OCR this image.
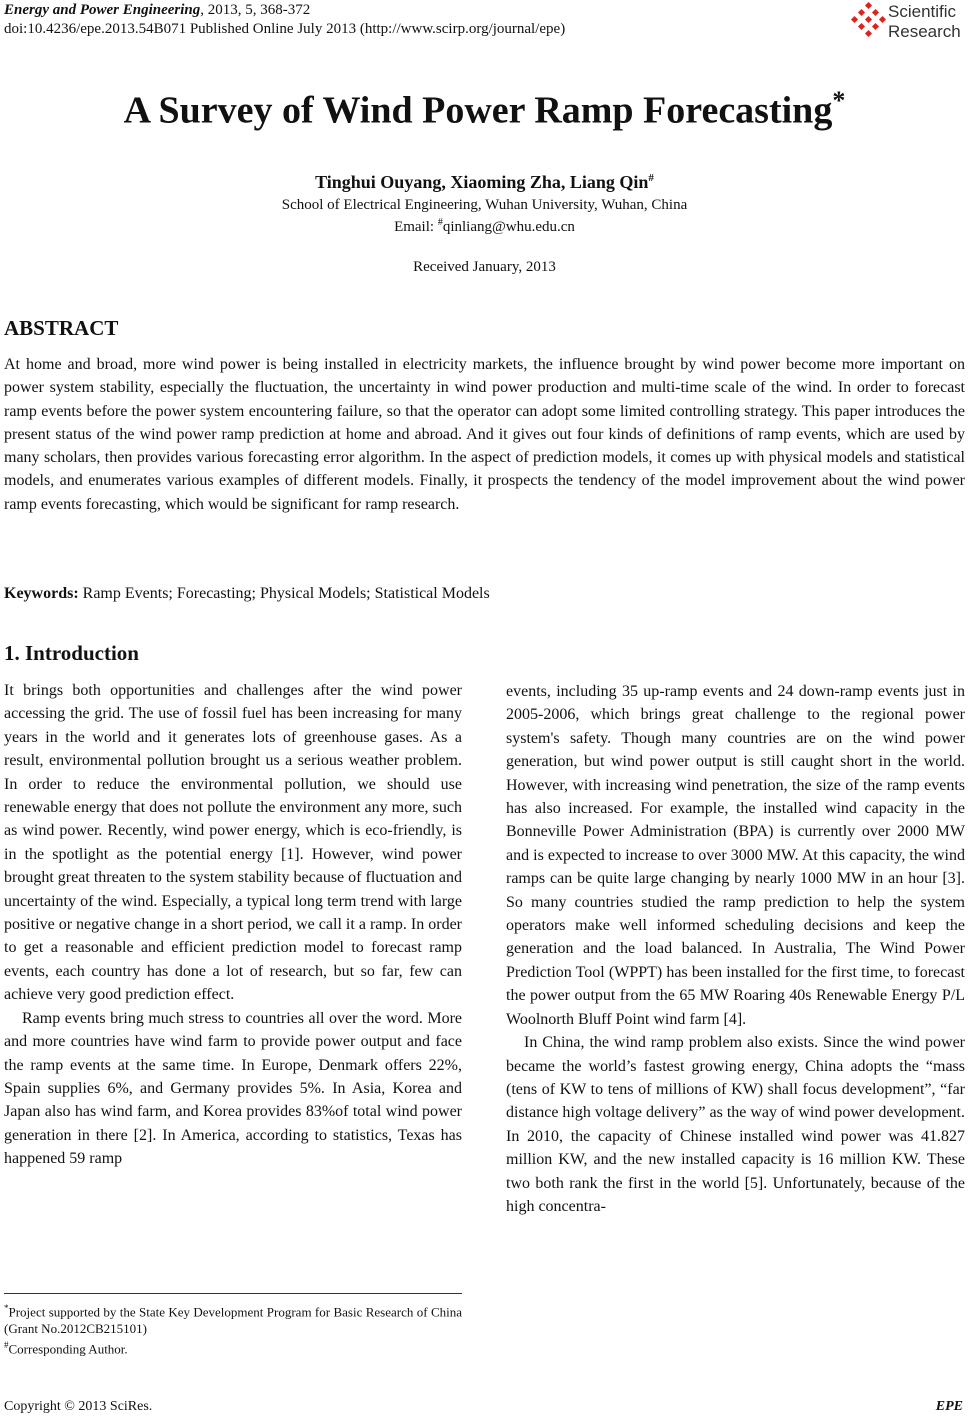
Energy and Power Engineering, 2013, 5, 368-372
doi:10.4236/epe.2013.54B071 Published Online July 2013 (http://www.scirp.org/journal/epe)
Scientific
Research
A Survey of Wind Power Ramp Forecasting*
Tinghui Ouyang, Xiaoming Zha, Liang Qin#
School of Electrical Engineering, Wuhan University, Wuhan, China
Email: #qinliang@whu.edu.cn
Received January, 2013
ABSTRACT
At home and broad, more wind power is being installed in electricity markets, the influence brought by wind power become more important on power system stability, especially the fluctuation, the uncertainty in wind power production and multi-time scale of the wind. In order to forecast ramp events before the power system encountering failure, so that the operator can adopt some limited controlling strategy. This paper introduces the present status of the wind power ramp prediction at home and abroad. And it gives out four kinds of definitions of ramp events, which are used by many scholars, then provides various forecasting error algorithm. In the aspect of prediction models, it comes up with physical models and statistical models, and enumerates various examples of different models. Finally, it prospects the tendency of the model improvement about the wind power ramp events forecasting, which would be significant for ramp research.
Keywords: Ramp Events; Forecasting; Physical Models; Statistical Models
1. Introduction

It brings both opportunities and challenges after the wind power accessing the grid. The use of fossil fuel has been increasing for many years in the world and it generates lots of greenhouse gases. As a result, environmental pollution brought us a serious weather problem. In order to reduce the environmental pollution, we should use renewable energy that does not pollute the environment any more, such as wind power. Recently, wind power energy, which is eco-friendly, is in the spotlight as the potential energy [1]. However, wind power brought great threaten to the system stability because of fluctuation and uncertainty of the wind. Especially, a typical long term trend with large positive or negative change in a short period, we call it a ramp. In order to get a reasonable and efficient prediction model to forecast ramp events, each country has done a lot of research, but so far, few can achieve very good prediction effect.

Ramp events bring much stress to countries all over the word. More and more countries have wind farm to provide power output and face the ramp events at the same time. In Europe, Denmark offers 22%, Spain supplies 6%, and Germany provides 5%. In Asia, Korea and Japan also has wind farm, and Korea provides 83%of total wind power generation in there [2]. In America, according to statistics, Texas has happened 59 ramp

events, including 35 up-ramp events and 24 down-ramp events just in 2005-2006, which brings great challenge to the regional power system's safety. Though many countries are on the wind power generation, but wind power output is still caught short in the world. However, with increasing wind penetration, the size of the ramp events has also increased. For example, the installed wind capacity in the Bonneville Power Administration (BPA) is currently over 2000 MW and is expected to increase to over 3000 MW. At this capacity, the wind ramps can be quite large changing by nearly 1000 MW in an hour [3]. So many countries studied the ramp prediction to help the system operators make well informed scheduling decisions and keep the generation and the load balanced. In Australia, The Wind Power Prediction Tool (WPPT) has been installed for the first time, to forecast the power output from the 65 MW Roaring 40s Renewable Energy P/L Woolnorth Bluff Point wind farm [4].

In China, the wind ramp problem also exists. Since the wind power became the world’s fastest growing energy, China adopts the “mass (tens of KW to tens of millions of KW) shall focus development”, “far distance high voltage delivery” as the way of wind power development. In 2010, the capacity of Chinese installed wind power was 41.827 million KW, and the new installed capacity is 16 million KW. These two both rank the first in the world [5]. Unfortunately, because of the high concentra-

*Project supported by the State Key Development Program for Basic Research of China (Grant No.2012CB215101)

#Corresponding Author.

Copyright © 2013 SciRes.	EPE
